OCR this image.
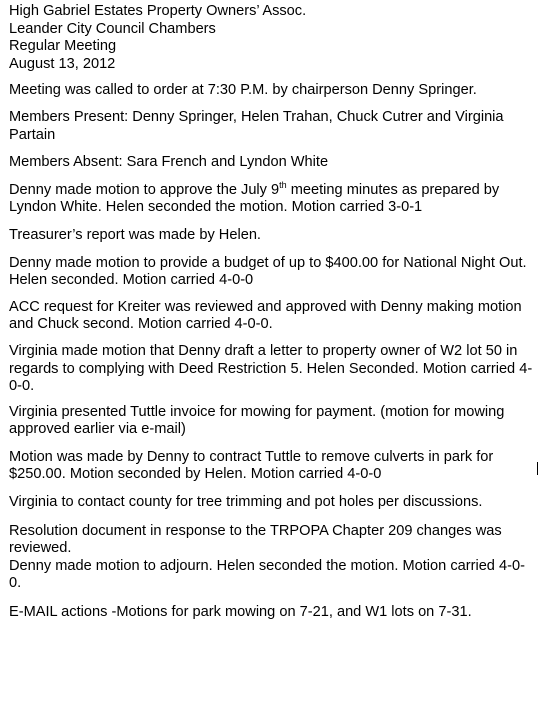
High Gabriel Estates Property Owners’ Assoc.
Leander City Council Chambers
Regular Meeting
August 13, 2012

Meeting was called to order at 7:30 P.M. by chairperson Denny Springer.

Members Present: Denny Springer, Helen Trahan, Chuck Cutrer and Virginia Partain

Members Absent: Sara French and Lyndon White

Denny made motion to approve the July 9th meeting minutes as prepared by Lyndon White. Helen seconded the motion. Motion carried 3-0-1

Treasurer’s report was made by Helen.

Denny made motion to provide a budget of up to $400.00 for National Night Out. Helen seconded. Motion carried 4-0-0

ACC request for Kreiter was reviewed and approved with Denny making motion and Chuck second. Motion carried 4-0-0.

Virginia made motion that Denny draft a letter to property owner of W2 lot 50 in regards to complying with Deed Restriction 5. Helen Seconded. Motion carried 4-0-0.

Virginia presented Tuttle invoice for mowing for payment. (motion for mowing approved earlier via e-mail)

Motion was made by Denny to contract Tuttle to remove culverts in park for $250.00. Motion seconded by Helen. Motion carried 4-0-0

Virginia to contact county for tree trimming and pot holes per discussions.

Resolution document in response to the TRPOPA Chapter 209 changes was reviewed.

Denny made motion to adjourn. Helen seconded the motion. Motion carried 4-0-0.

E-MAIL actions -Motions for park mowing on 7-21, and W1 lots on 7-31.
